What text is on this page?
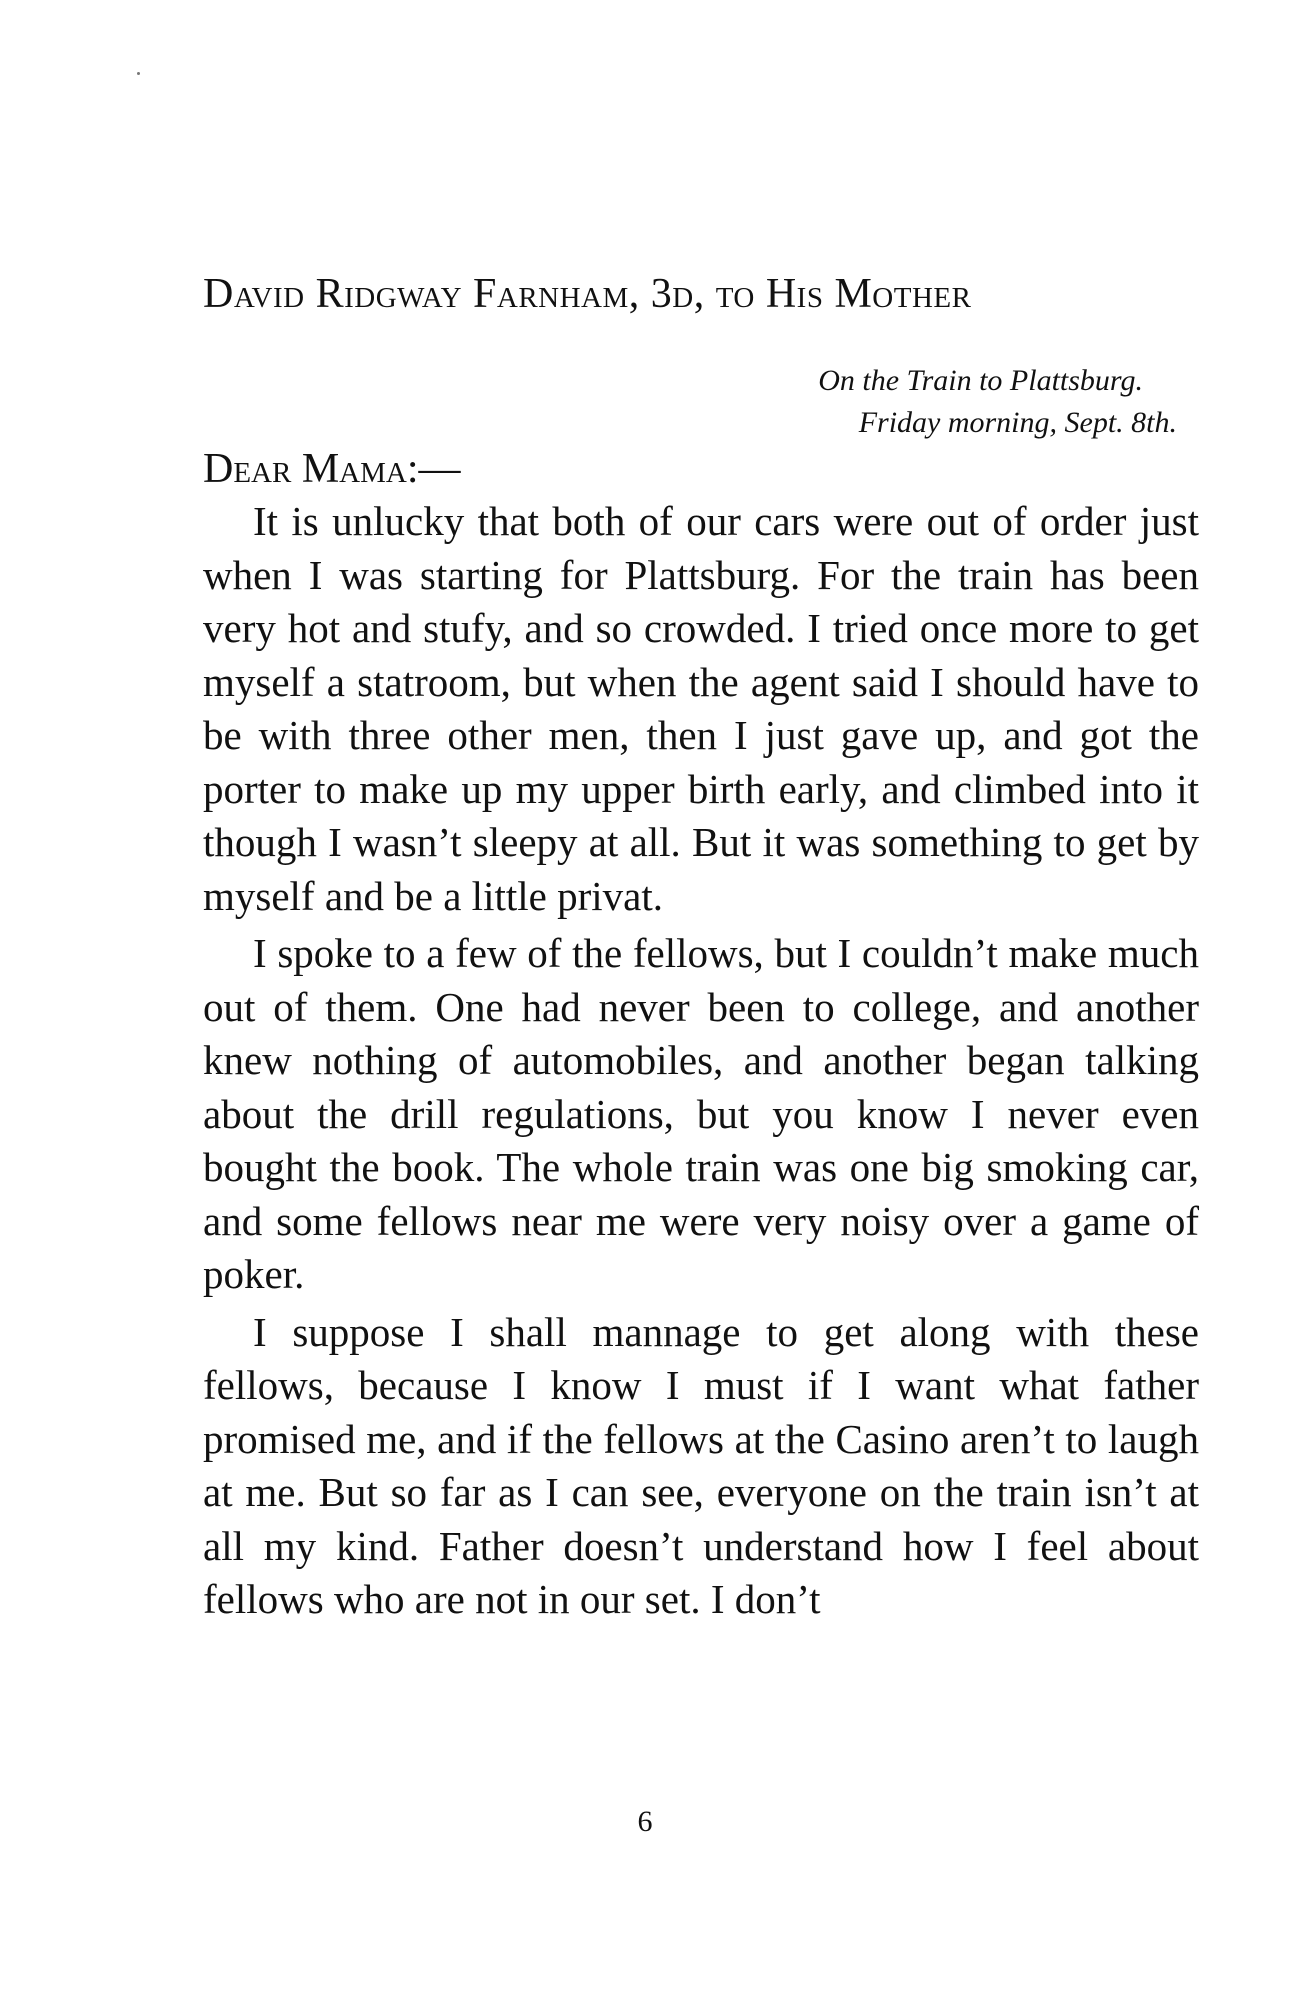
David Ridgway Farnham, 3d, to His Mother
On the Train to Plattsburg.
Friday morning, Sept. 8th.
Dear Mama:—

It is unlucky that both of our cars were out of order just when I was starting for Plattsburg. For the train has been very hot and stufy, and so crowded. I tried once more to get myself a statroom, but when the agent said I should have to be with three other men, then I just gave up, and got the porter to make up my upper birth early, and climbed into it though I wasn’t sleepy at all. But it was something to get by myself and be a little privat.

I spoke to a few of the fellows, but I couldn’t make much out of them. One had never been to college, and another knew nothing of automobiles, and another began talking about the drill regulations, but you know I never even bought the book. The whole train was one big smoking car, and some fellows near me were very noisy over a game of poker.

I suppose I shall mannage to get along with these fellows, because I know I must if I want what father promised me, and if the fellows at the Casino aren’t to laugh at me. But so far as I can see, everyone on the train isn’t at all my kind. Father doesn’t understand how I feel about fellows who are not in our set. I don’t

6
